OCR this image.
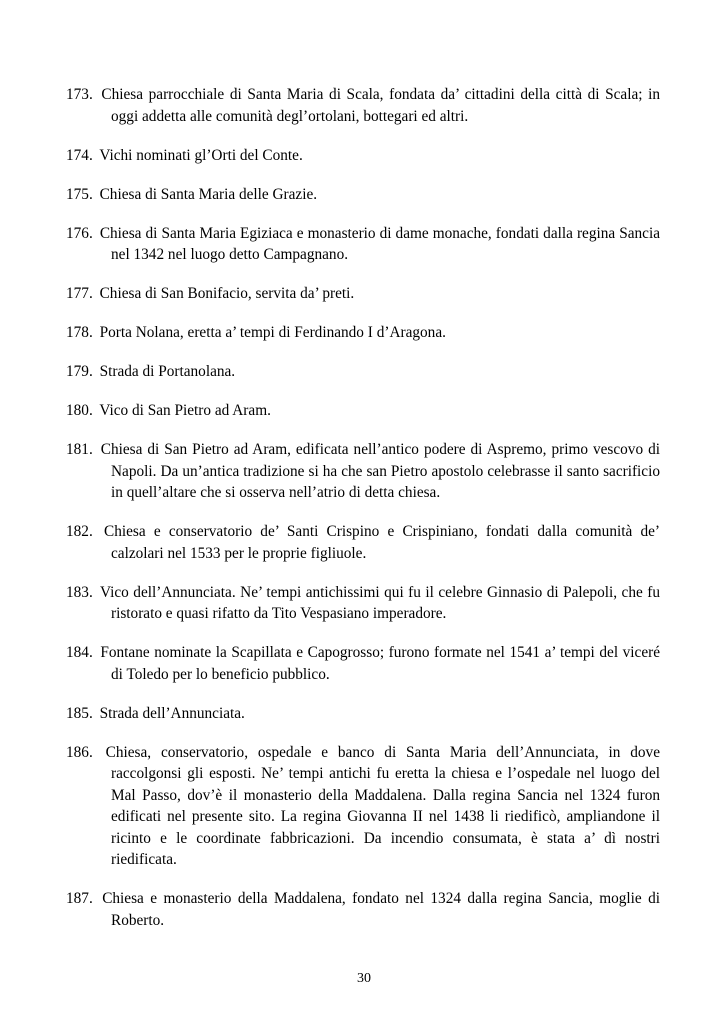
173. Chiesa parrocchiale di Santa Maria di Scala, fondata da’ cittadini della città di Scala; in oggi addetta alle comunità degl’ortolani, bottegari ed altri.

174. Vichi nominati gl’Orti del Conte.

175. Chiesa di Santa Maria delle Grazie.

176. Chiesa di Santa Maria Egiziaca e monasterio di dame monache, fondati dalla regina Sancia nel 1342 nel luogo detto Campagnano.

177. Chiesa di San Bonifacio, servita da’ preti.

178. Porta Nolana, eretta a’ tempi di Ferdinando I d’Aragona.

179. Strada di Portanolana.

180. Vico di San Pietro ad Aram.

181. Chiesa di San Pietro ad Aram, edificata nell’antico podere di Aspremo, primo vescovo di Napoli. Da un’antica tradizione si ha che san Pietro apostolo celebrasse il santo sacrificio in quell’altare che si osserva nell’atrio di detta chiesa.

182. Chiesa e conservatorio de’ Santi Crispino e Crispiniano, fondati dalla comunità de’ calzolari nel 1533 per le proprie figliuole.

183. Vico dell’Annunciata. Ne’ tempi antichissimi qui fu il celebre Ginnasio di Palepoli, che fu ristorato e quasi rifatto da Tito Vespasiano imperadore.

184. Fontane nominate la Scapillata e Capogrosso; furono formate nel 1541 a’ tempi del viceré di Toledo per lo beneficio pubblico.

185. Strada dell’Annunciata.

186. Chiesa, conservatorio, ospedale e banco di Santa Maria dell’Annunciata, in dove raccolgonsi gli esposti. Ne’ tempi antichi fu eretta la chiesa e l’ospedale nel luogo del Mal Passo, dov’è il monasterio della Maddalena. Dalla regina Sancia nel 1324 furon edificati nel presente sito. La regina Giovanna II nel 1438 li riedificò, ampliandone il ricinto e le coordinate fabbricazioni. Da incendio consumata, è stata a’ dì nostri riedificata.

187. Chiesa e monasterio della Maddalena, fondato nel 1324 dalla regina Sancia, moglie di Roberto.

30
